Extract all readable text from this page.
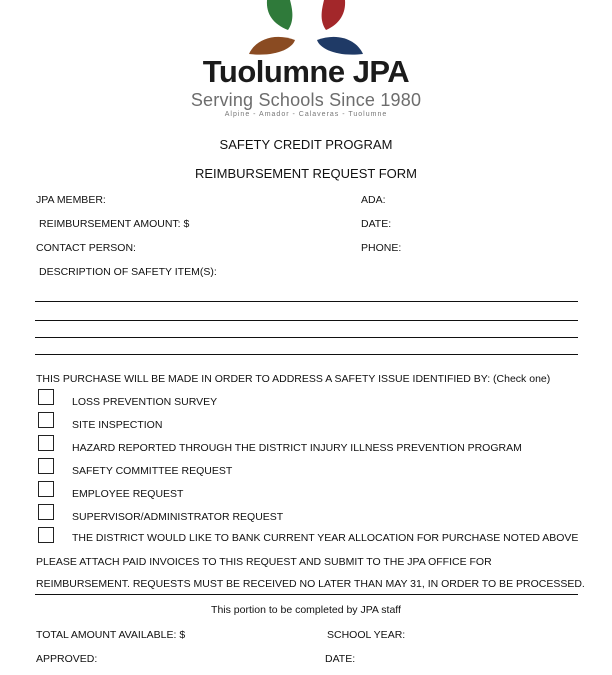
Tuolumne JPA
Serving Schools Since 1980
Alpine - Amador - Calaveras - Tuolumne
SAFETY CREDIT PROGRAM
REIMBURSEMENT REQUEST FORM
JPA MEMBER:	ADA:
REIMBURSEMENT AMOUNT: $	DATE:
CONTACT PERSON:	PHONE:
DESCRIPTION OF SAFETY ITEM(S):
THIS PURCHASE WILL BE MADE IN ORDER TO ADDRESS A SAFETY ISSUE IDENTIFIED BY: (Check one)
LOSS PREVENTION SURVEY
SITE INSPECTION
HAZARD REPORTED THROUGH THE DISTRICT INJURY ILLNESS PREVENTION PROGRAM
SAFETY COMMITTEE REQUEST
EMPLOYEE REQUEST
SUPERVISOR/ADMINISTRATOR REQUEST
THE DISTRICT WOULD LIKE TO BANK CURRENT YEAR ALLOCATION FOR PURCHASE NOTED ABOVE
PLEASE ATTACH PAID INVOICES TO THIS REQUEST AND SUBMIT TO THE JPA OFFICE FOR
REIMBURSEMENT. REQUESTS MUST BE RECEIVED NO LATER THAN MAY 31, IN ORDER TO BE PROCESSED.
This portion to be completed by JPA staff
TOTAL AMOUNT AVAILABLE: $	SCHOOL YEAR:
APPROVED:	DATE:
